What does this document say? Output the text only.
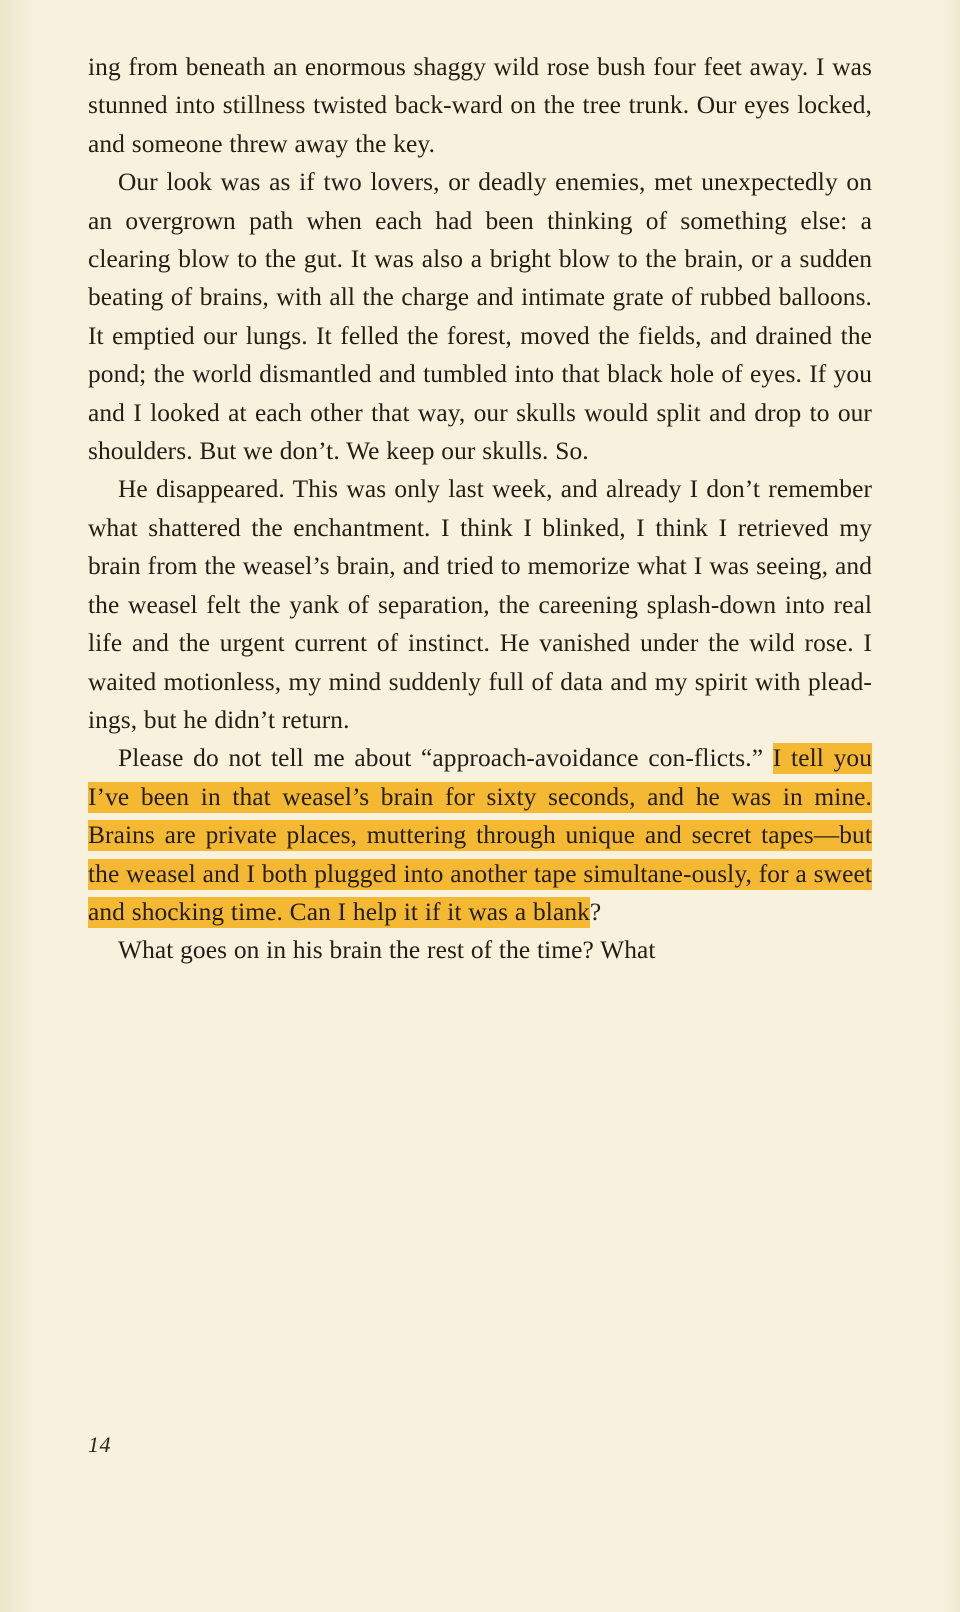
ing from beneath an enormous shaggy wild rose bush four feet away. I was stunned into stillness twisted back-ward on the tree trunk. Our eyes locked, and someone threw away the key.

Our look was as if two lovers, or deadly enemies, met unexpectedly on an overgrown path when each had been thinking of something else: a clearing blow to the gut. It was also a bright blow to the brain, or a sudden beating of brains, with all the charge and intimate grate of rubbed balloons. It emptied our lungs. It felled the forest, moved the fields, and drained the pond; the world dismantled and tumbled into that black hole of eyes. If you and I looked at each other that way, our skulls would split and drop to our shoulders. But we don’t. We keep our skulls. So.

He disappeared. This was only last week, and already I don’t remember what shattered the enchantment. I think I blinked, I think I retrieved my brain from the weasel’s brain, and tried to memorize what I was seeing, and the weasel felt the yank of separation, the careening splash-down into real life and the urgent current of instinct. He vanished under the wild rose. I waited motionless, my mind suddenly full of data and my spirit with plead-ings, but he didn’t return.

Please do not tell me about “approach-avoidance con-flicts.” I tell you I’ve been in that weasel’s brain for sixty seconds, and he was in mine. Brains are private places, muttering through unique and secret tapes—but the weasel and I both plugged into another tape simultane-ously, for a sweet and shocking time. Can I help it if it was a blank?

What goes on in his brain the rest of the time? What

14
